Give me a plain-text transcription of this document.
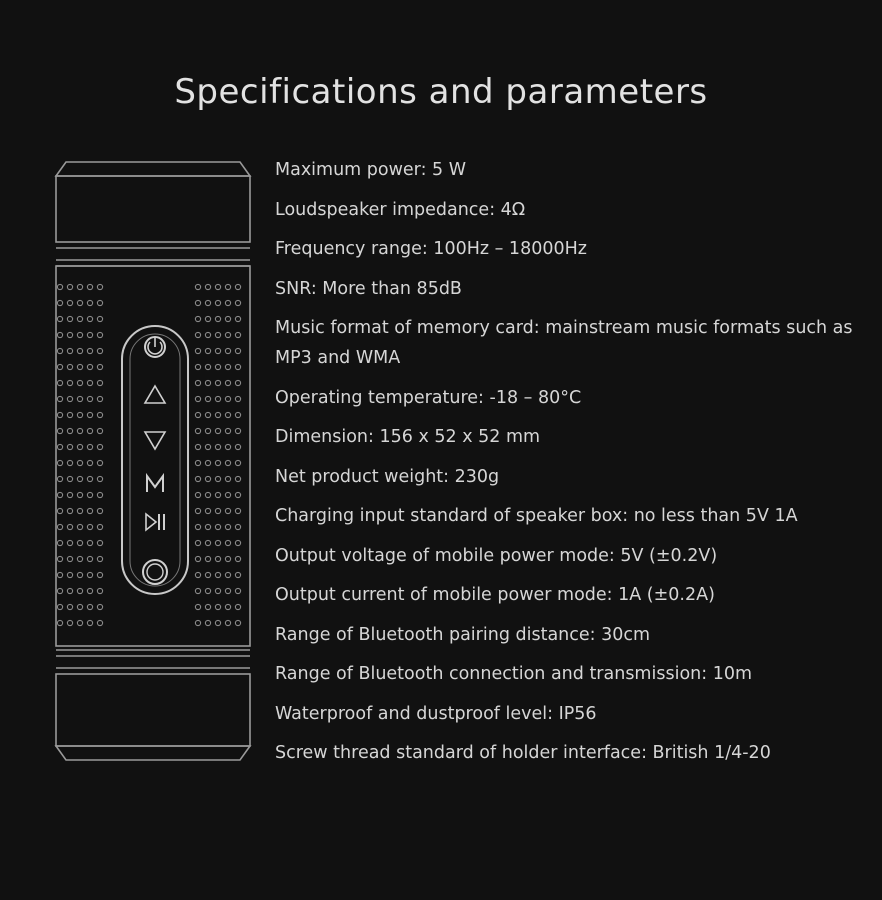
Specifications and parameters
Maximum power: 5 W
Loudspeaker impedance: 4Ω
Frequency range: 100Hz – 18000Hz
SNR: More than 85dB
Music format of memory card: mainstream music formats such as MP3 and WMA
Operating temperature: -18 – 80°C
Dimension: 156 x 52 x 52 mm
Net product weight: 230g
Charging input standard of speaker box: no less than 5V 1A
Output voltage of mobile power mode: 5V (±0.2V)
Output current of mobile power mode: 1A (±0.2A)
Range of Bluetooth pairing distance: 30cm
Range of Bluetooth connection and transmission: 10m
Waterproof and dustproof level: IP56
Screw thread standard of holder interface: British 1/4-20
